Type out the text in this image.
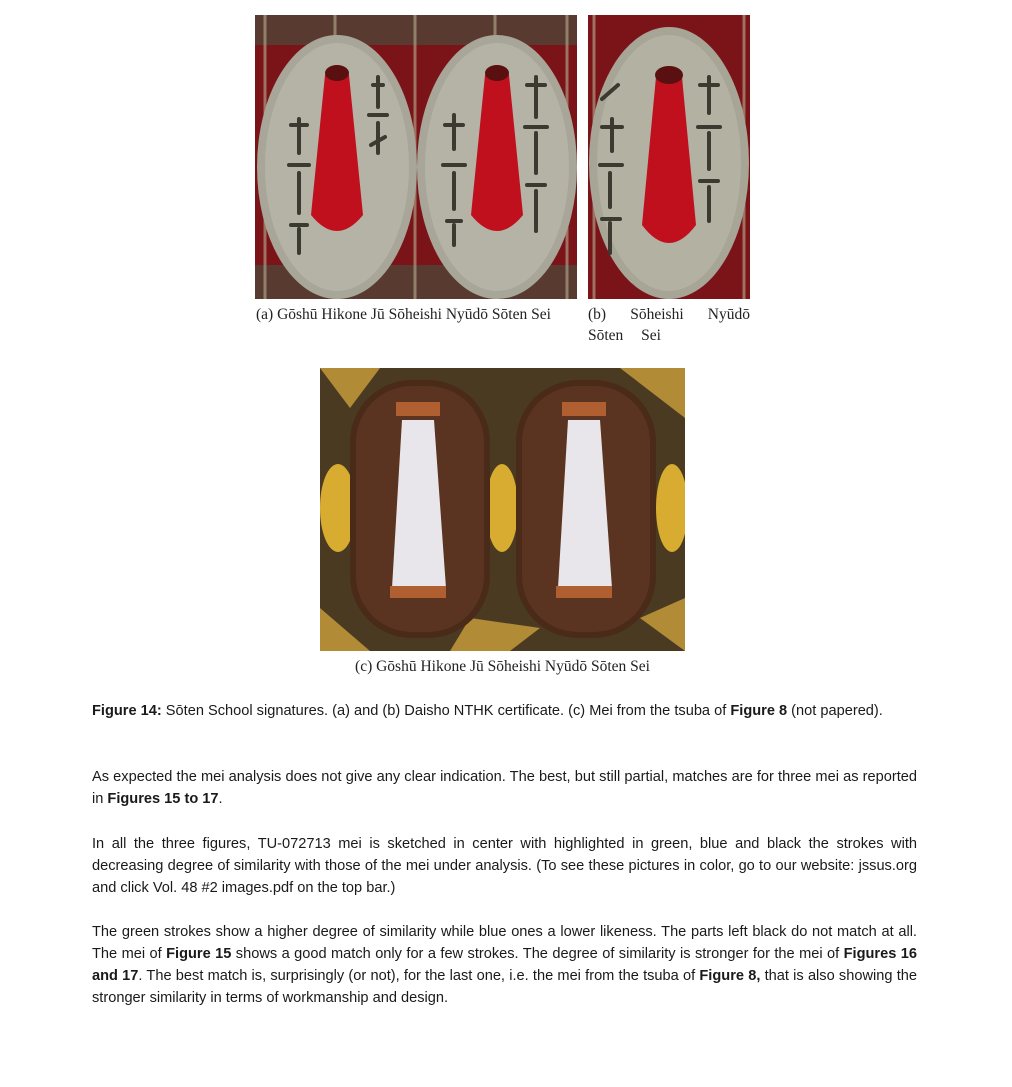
(a) Gōshū Hikone Jū Sōheishi Nyūdō Sōten Sei	(b) Sōheishi Nyūdō Sōten Sei
(c) Gōshū Hikone Jū Sōheishi Nyūdō Sōten Sei
Figure 14: Sōten School signatures. (a) and (b) Daisho NTHK certificate. (c) Mei from the tsuba of Figure 8 (not papered).
As expected the mei analysis does not give any clear indication. The best, but still partial, matches are for three mei as reported in Figures 15 to 17.
In all the three figures, TU-072713 mei is sketched in center with highlighted in green, blue and black the strokes with decreasing degree of similarity with those of the mei under analysis. (To see these pictures in color, go to our website: jssus.org and click Vol. 48 #2 images.pdf on the top bar.)
The green strokes show a higher degree of similarity while blue ones a lower likeness. The parts left black do not match at all. The mei of Figure 15 shows a good match only for a few strokes. The degree of similarity is stronger for the mei of Figures 16 and 17. The best match is, surprisingly (or not), for the last one, i.e. the mei from the tsuba of Figure 8, that is also showing the stronger similarity in terms of workmanship and design.
